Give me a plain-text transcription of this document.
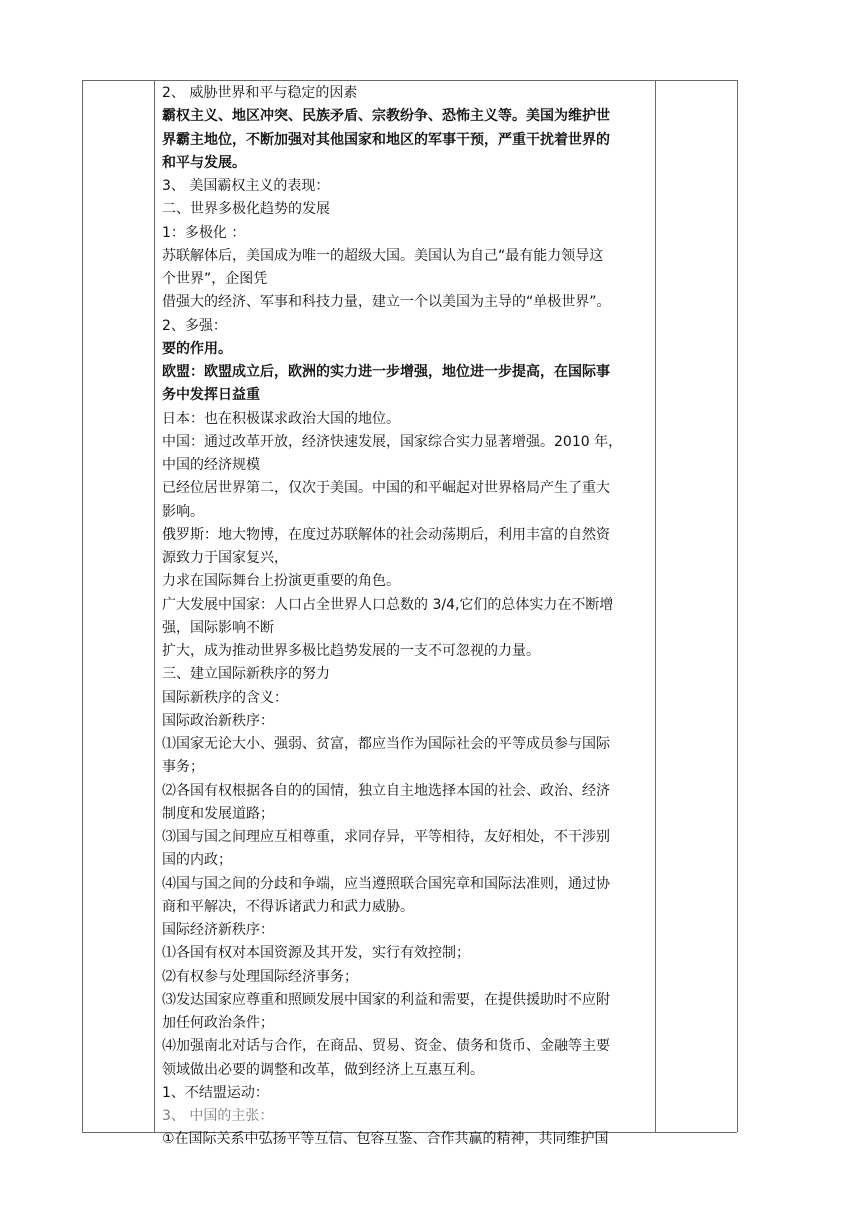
2、 威胁世界和平与稳定的因素
霸权主义、地区冲突、民族矛盾、宗教纷争、恐怖主义等。美国为维护世
界霸主地位，不断加强对其他国家和地区的军事干预，严重干扰着世界的
和平与发展。
3、 美国霸权主义的表现：
二、世界多极化趋势的发展
1：多极化 ：
苏联解体后，美国成为唯一的超级大国。美国认为自己“最有能力领导这
个世界”，企图凭
借强大的经济、军事和科技力量，建立一个以美国为主导的“单极世界”。
2、多强：
要的作用。
欧盟：欧盟成立后，欧洲的实力进一步增强，地位进一步提高，在国际事
务中发挥日益重
日本：也在积极谋求政治大国的地位。
中国：通过改革开放，经济快速发展，国家综合实力显著增强。2010 年，
中国的经济规模
已经位居世界第二，仅次于美国。中国的和平崛起对世界格局产生了重大
影响。
俄罗斯：地大物博，在度过苏联解体的社会动荡期后，利用丰富的自然资
源致力于国家复兴，
力求在国际舞台上扮演更重要的角色。
广大发展中国家：人口占全世界人口总数的 3/4,它们的总体实力在不断增
强，国际影响不断
扩大，成为推动世界多极比趋势发展的一支不可忽视的力量。
三、建立国际新秩序的努力
国际新秩序的含义：
国际政治新秩序：
⑴国家无论大小、强弱、贫富，都应当作为国际社会的平等成员参与国际
事务；
⑵各国有权根据各自的的国情，独立自主地选择本国的社会、政治、经济
制度和发展道路；
⑶国与国之间理应互相尊重，求同存异，平等相待，友好相处，不干涉别
国的内政；
⑷国与国之间的分歧和争端，应当遵照联合国宪章和国际法准则，通过协
商和平解决，不得诉诸武力和武力威胁。
国际经济新秩序：
⑴各国有权对本国资源及其开发，实行有效控制；
⑵有权参与处理国际经济事务；
⑶发达国家应尊重和照顾发展中国家的利益和需要，在提供援助时不应附
加任何政治条件；
⑷加强南北对话与合作，在商品、贸易、资金、债务和货币、金融等主要
领域做出必要的调整和改革，做到经济上互惠互利。
1、不结盟运动：
3、 中国的主张：
①在国际关系中弘扬平等互信、包容互鉴、合作共赢的精神，共同维护国
